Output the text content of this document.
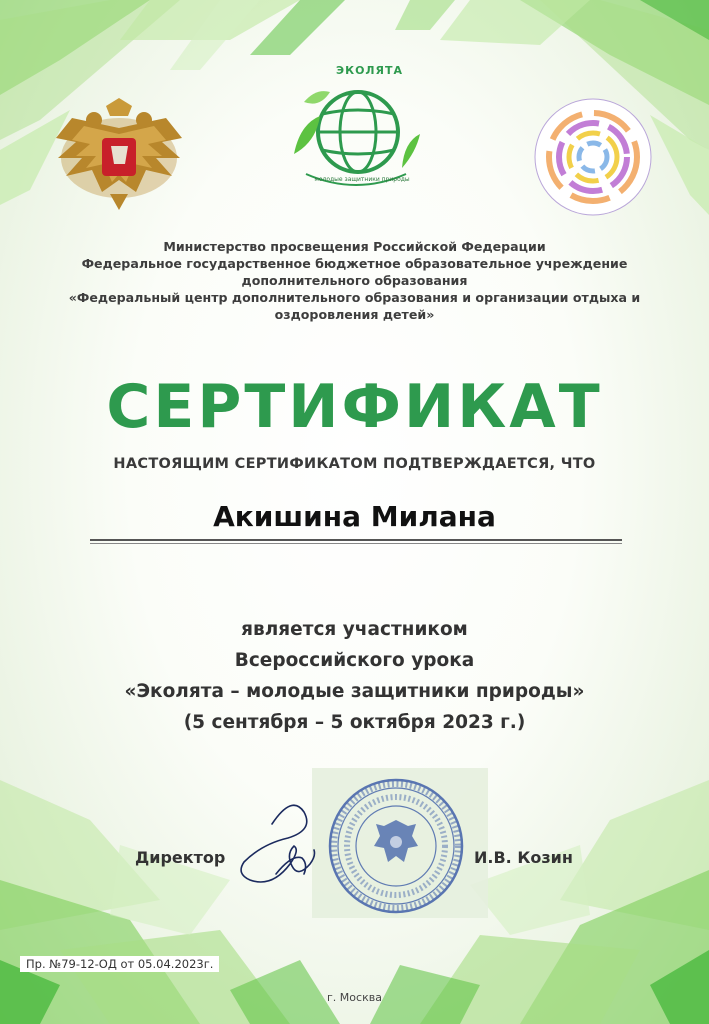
ЭКОЛЯТА
молодые защитники природы
Министерство просвещения Российской Федерации
Федеральное государственное бюджетное образовательное учреждение
дополнительного образования
«Федеральный центр дополнительного образования и организации отдыха и
оздоровления детей»
СЕРТИФИКАТ
НАСТОЯЩИМ СЕРТИФИКАТОМ ПОДТВЕРЖДАЕТСЯ, ЧТО
Акишина Милана
является участником
Всероссийского урока
«Эколята – молодые защитники природы»
(5 сентября – 5 октября 2023 г.)
Директор	И.В. Козин
Пр. №79-12-ОД от 05.04.2023г.
г. Москва
